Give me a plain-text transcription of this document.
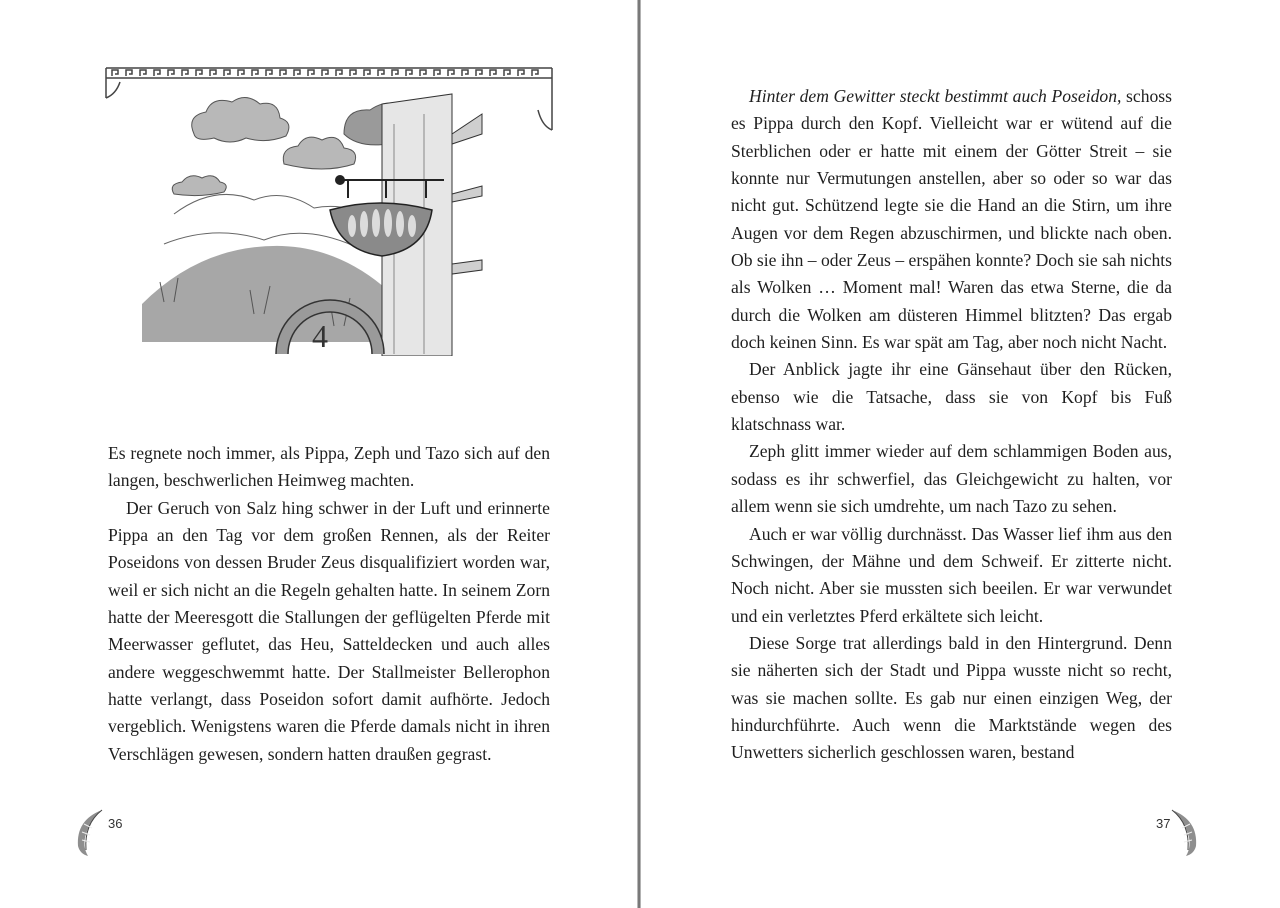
4

Es regnete noch immer, als Pippa, Zeph und Tazo sich auf den langen, beschwerlichen Heimweg machten.

Der Geruch von Salz hing schwer in der Luft und erinnerte Pippa an den Tag vor dem großen Rennen, als der Reiter Poseidons von dessen Bruder Zeus disqualifiziert worden war, weil er sich nicht an die Regeln gehalten hatte. In seinem Zorn hatte der Meeresgott die Stallungen der geflügelten Pferde mit Meerwasser geflutet, das Heu, Satteldecken und auch alles andere weggeschwemmt hatte. Der Stallmeister Bellerophon hatte verlangt, dass Poseidon sofort damit aufhörte. Jedoch vergeblich. Wenigstens waren die Pferde damals nicht in ihren Verschlägen gewesen, sondern hatten draußen gegrast.

36

Hinter dem Gewitter steckt bestimmt auch Poseidon, schoss es Pippa durch den Kopf. Vielleicht war er wütend auf die Sterblichen oder er hatte mit einem der Götter Streit – sie konnte nur Vermutungen anstellen, aber so oder so war das nicht gut. Schützend legte sie die Hand an die Stirn, um ihre Augen vor dem Regen abzuschirmen, und blickte nach oben. Ob sie ihn – oder Zeus – erspähen konnte? Doch sie sah nichts als Wolken … Moment mal! Waren das etwa Sterne, die da durch die Wolken am düsteren Himmel blitzten? Das ergab doch keinen Sinn. Es war spät am Tag, aber noch nicht Nacht.

Der Anblick jagte ihr eine Gänsehaut über den Rücken, ebenso wie die Tatsache, dass sie von Kopf bis Fuß klatschnass war.

Zeph glitt immer wieder auf dem schlammigen Boden aus, sodass es ihr schwerfiel, das Gleichgewicht zu halten, vor allem wenn sie sich umdrehte, um nach Tazo zu sehen.

Auch er war völlig durchnässt. Das Wasser lief ihm aus den Schwingen, der Mähne und dem Schweif. Er zitterte nicht. Noch nicht. Aber sie mussten sich beeilen. Er war verwundet und ein verletztes Pferd erkältete sich leicht.

Diese Sorge trat allerdings bald in den Hintergrund. Denn sie näherten sich der Stadt und Pippa wusste nicht so recht, was sie machen sollte. Es gab nur einen einzigen Weg, der hindurchführte. Auch wenn die Marktstände wegen des Unwetters sicherlich geschlossen waren, bestand

37
